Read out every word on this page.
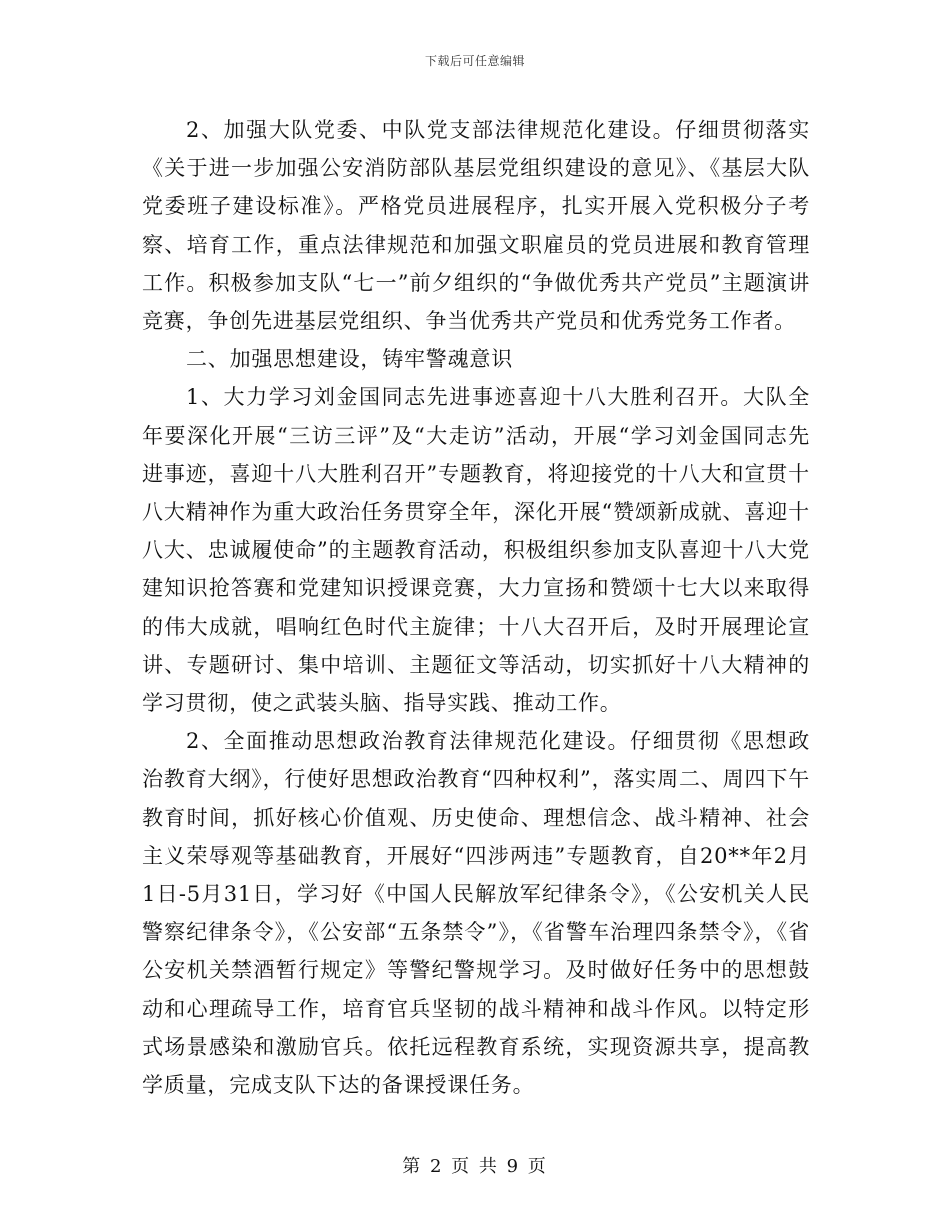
下载后可任意编辑

2、加强大队党委、中队党支部法律规范化建设。仔细贯彻落实《关于进一步加强公安消防部队基层党组织建设的意见》、《基层大队党委班子建设标准》。严格党员进展程序，扎实开展入党积极分子考察、培育工作，重点法律规范和加强文职雇员的党员进展和教育管理工作。积极参加支队“七一”前夕组织的“争做优秀共产党员”主题演讲竞赛，争创先进基层党组织、争当优秀共产党员和优秀党务工作者。

二、加强思想建设，铸牢警魂意识

1、大力学习刘金国同志先进事迹喜迎十八大胜利召开。大队全年要深化开展“三访三评”及“大走访”活动，开展“学习刘金国同志先进事迹，喜迎十八大胜利召开”专题教育，将迎接党的十八大和宣贯十八大精神作为重大政治任务贯穿全年，深化开展“赞颂新成就、喜迎十八大、忠诚履使命”的主题教育活动，积极组织参加支队喜迎十八大党建知识抢答赛和党建知识授课竞赛，大力宣扬和赞颂十七大以来取得的伟大成就，唱响红色时代主旋律；十八大召开后，及时开展理论宣讲、专题研讨、集中培训、主题征文等活动，切实抓好十八大精神的学习贯彻，使之武装头脑、指导实践、推动工作。

2、全面推动思想政治教育法律规范化建设。仔细贯彻《思想政治教育大纲》，行使好思想政治教育“四种权利”，落实周二、周四下午教育时间，抓好核心价值观、历史使命、理想信念、战斗精神、社会主义荣辱观等基础教育，开展好“四涉两违”专题教育，自20**年2月1日-5月31日，学习好《中国人民解放军纪律条令》，《公安机关人民警察纪律条令》，《公安部“五条禁令”》，《省警车治理四条禁令》，《省公安机关禁酒暂行规定》等警纪警规学习。及时做好任务中的思想鼓动和心理疏导工作，培育官兵坚韧的战斗精神和战斗作风。以特定形式场景感染和激励官兵。依托远程教育系统，实现资源共享，提高教学质量，完成支队下达的备课授课任务。

第 2 页 共 9 页
